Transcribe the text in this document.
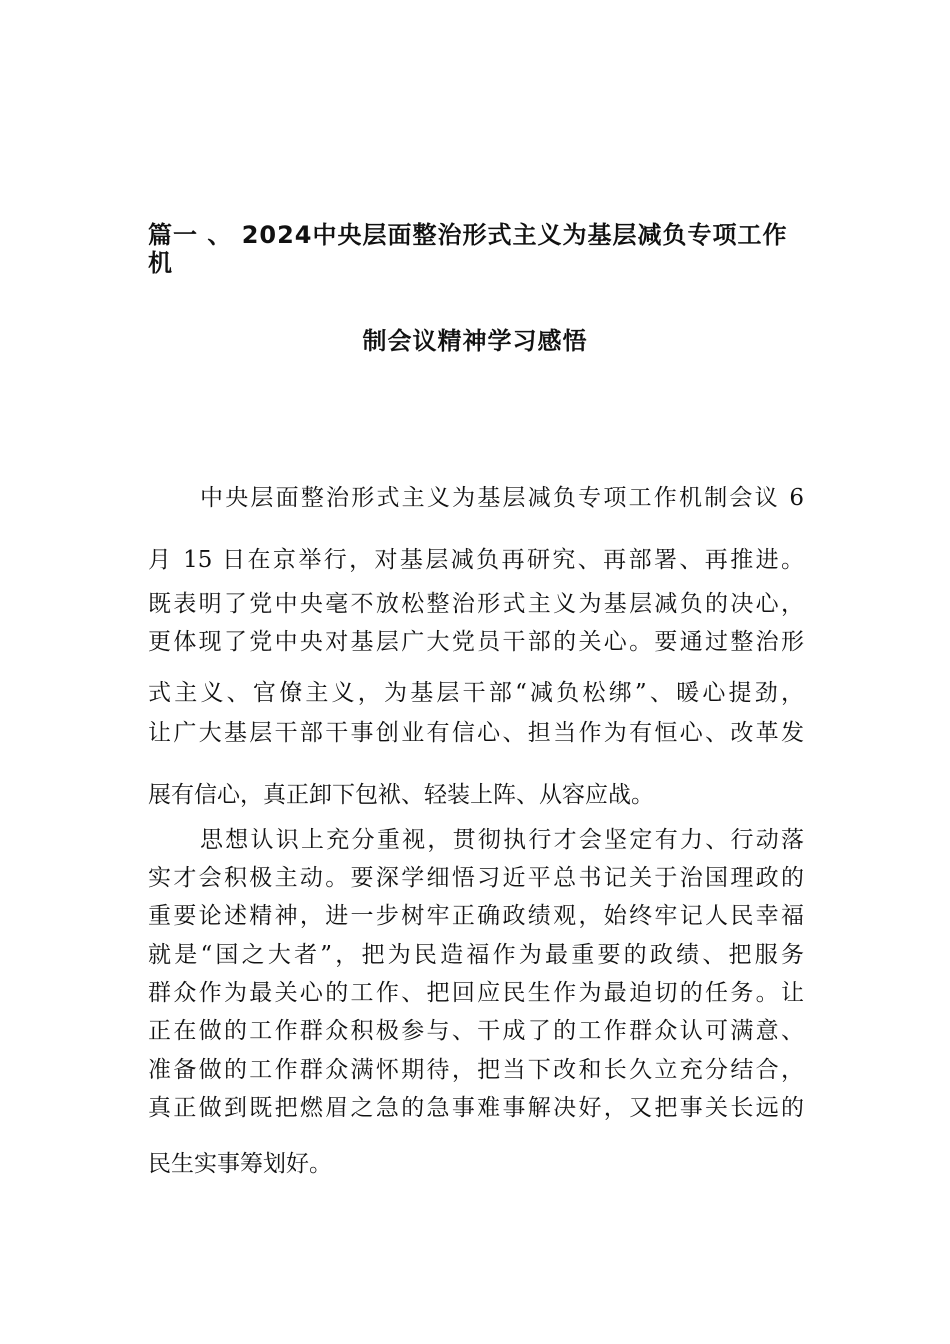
篇一 、 2024中央层面整治形式主义为基层减负专项工作
机
制会议精神学习感悟
中央层面整治形式主义为基层减负专项工作机制会议 6
月 15 日在京举行，对基层减负再研究、再部署、再推进。
既表明了党中央毫不放松整治形式主义为基层减负的决心，
更体现了党中央对基层广大党员干部的关心。要通过整治形
式主义、官僚主义，为基层干部“减负松绑”、暖心提劲，
让广大基层干部干事创业有信心、担当作为有恒心、改革发
展有信心，真正卸下包袱、轻装上阵、从容应战。
思想认识上充分重视，贯彻执行才会坚定有力、行动落
实才会积极主动。要深学细悟习近平总书记关于治国理政的
重要论述精神，进一步树牢正确政绩观，始终牢记人民幸福
就是“国之大者”，把为民造福作为最重要的政绩、把服务
群众作为最关心的工作、把回应民生作为最迫切的任务。让
正在做的工作群众积极参与、干成了的工作群众认可满意、
准备做的工作群众满怀期待，把当下改和长久立充分结合，
真正做到既把燃眉之急的急事难事解决好，又把事关长远的
民生实事筹划好。
